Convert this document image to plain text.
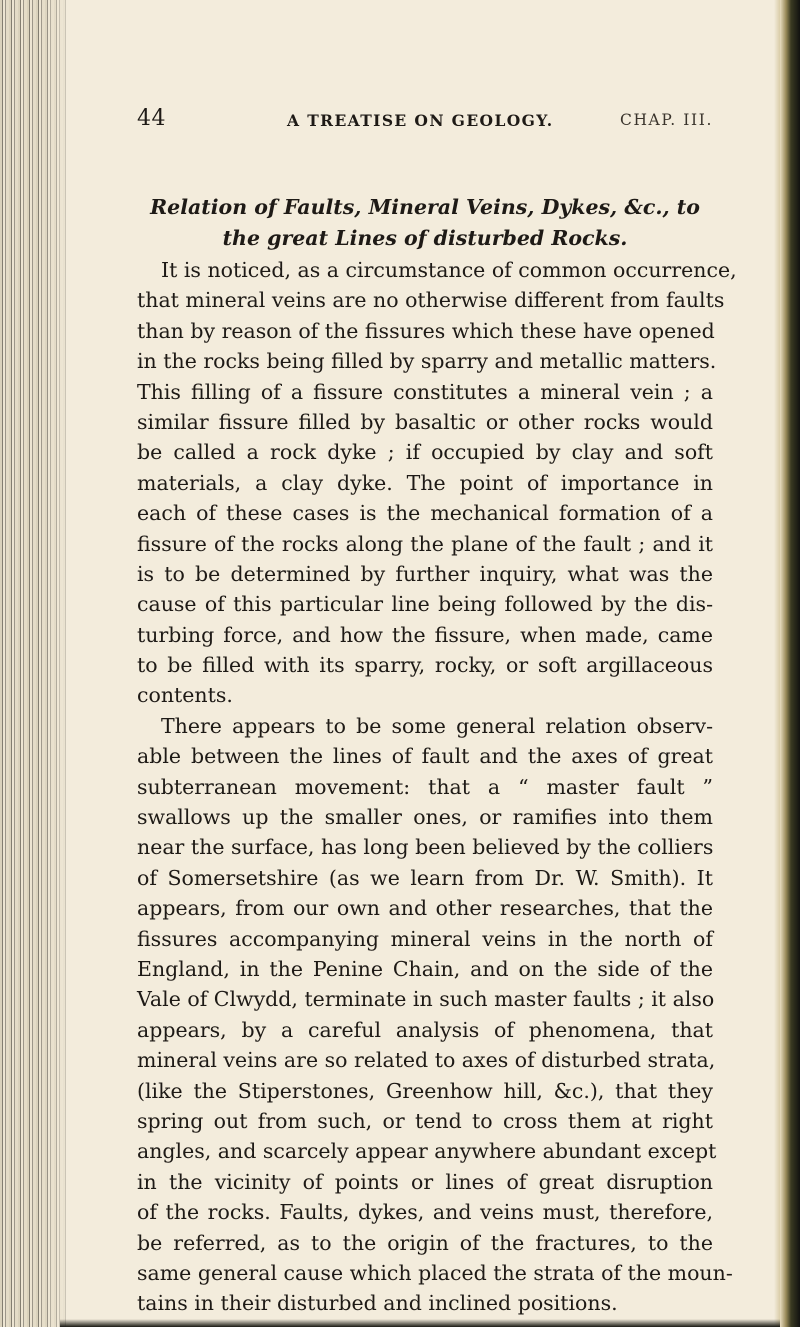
44	A TREATISE ON GEOLOGY.	CHAP. III.
Relation of Faults, Mineral Veins, Dykes, &c., to
the great Lines of disturbed Rocks.

It is noticed, as a circumstance of common occurrence,
that mineral veins are no otherwise different from faults
than by reason of the fissures which these have opened
in the rocks being filled by sparry and metallic matters.
This filling of a fissure constitutes a mineral vein ; a
similar fissure filled by basaltic or other rocks would
be called a rock dyke ; if occupied by clay and soft
materials, a clay dyke. The point of importance in
each of these cases is the mechanical formation of a
fissure of the rocks along the plane of the fault ; and it
is to be determined by further inquiry, what was the
cause of this particular line being followed by the dis-
turbing force, and how the fissure, when made, came
to be filled with its sparry, rocky, or soft argillaceous
contents.

There appears to be some general relation observ-
able between the lines of fault and the axes of great
subterranean movement: that a “ master fault ”
swallows up the smaller ones, or ramifies into them
near the surface, has long been believed by the colliers
of Somersetshire (as we learn from Dr. W. Smith). It
appears, from our own and other researches, that the
fissures accompanying mineral veins in the north of
England, in the Penine Chain, and on the side of the
Vale of Clwydd, terminate in such master faults ; it also
appears, by a careful analysis of phenomena, that
mineral veins are so related to axes of disturbed strata,
(like the Stiperstones, Greenhow hill, &c.), that they
spring out from such, or tend to cross them at right
angles, and scarcely appear anywhere abundant except
in the vicinity of points or lines of great disruption
of the rocks. Faults, dykes, and veins must, therefore,
be referred, as to the origin of the fractures, to the
same general cause which placed the strata of the moun-
tains in their disturbed and inclined positions.
